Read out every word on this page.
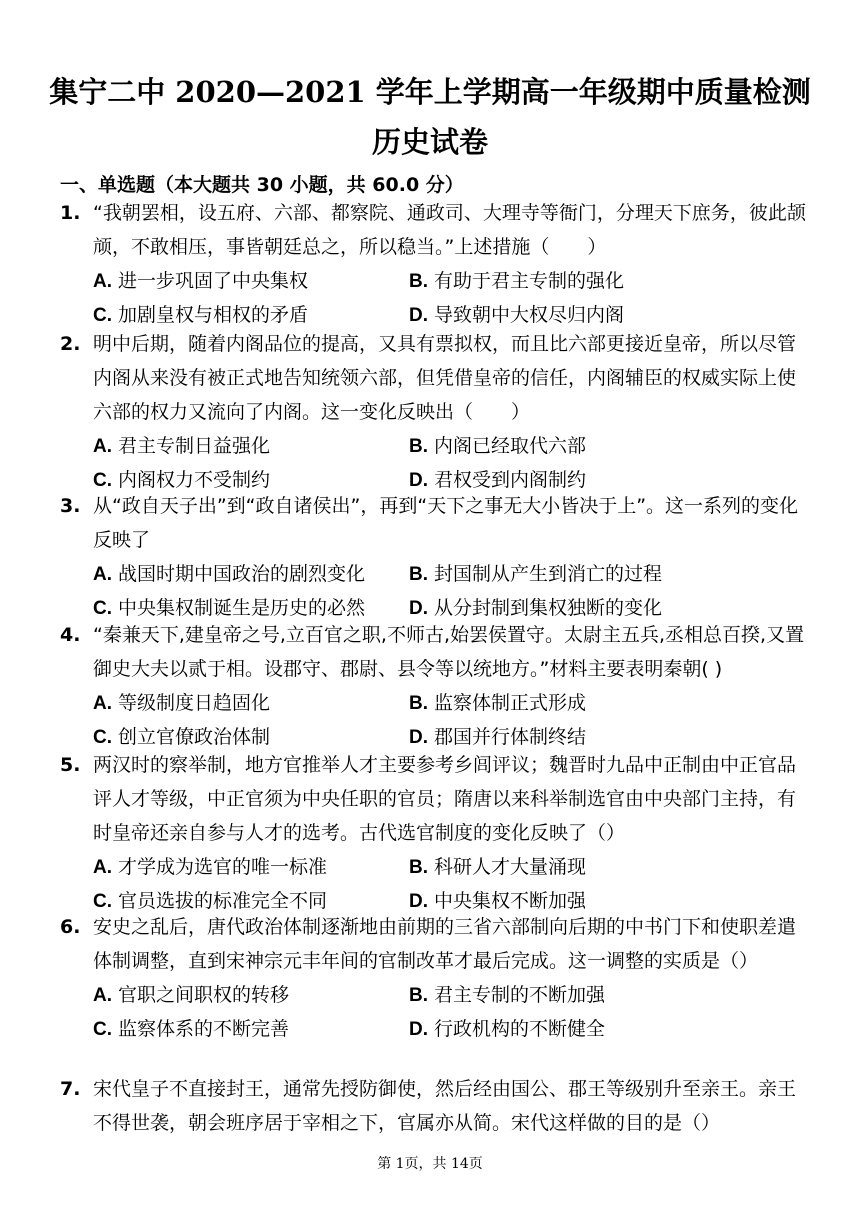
集宁二中 2020—2021 学年上学期高一年级期中质量检测
历史试卷
一、单选题（本大题共 30 小题，共 60.0 分）
1. “我朝罢相，设五府、六部、都察院、通政司、大理寺等衙门，分理天下庶务，彼此颉颃，不敢相压，事皆朝廷总之，所以稳当。”上述措施（　　）
A. 进一步巩固了中央集权	B. 有助于君主专制的强化
C. 加剧皇权与相权的矛盾	D. 导致朝中大权尽归内阁
2. 明中后期，随着内阁品位的提高，又具有票拟权，而且比六部更接近皇帝，所以尽管内阁从来没有被正式地告知统领六部，但凭借皇帝的信任，内阁辅臣的权威实际上使六部的权力又流向了内阁。这一变化反映出（　　）
A. 君主专制日益强化	B. 内阁已经取代六部
C. 内阁权力不受制约	D. 君权受到内阁制约
3. 从“政自天子出”到“政自诸侯出”，再到“天下之事无大小皆决于上”。这一系列的变化反映了
A. 战国时期中国政治的剧烈变化	B. 封国制从产生到消亡的过程
C. 中央集权制诞生是历史的必然	D. 从分封制到集权独断的变化
4. “秦兼天下,建皇帝之号,立百官之职,不师古,始罢侯置守。太尉主五兵,丞相总百揆,又置御史大夫以贰于相。设郡守、郡尉、县令等以统地方。”材料主要表明秦朝( )
A. 等级制度日趋固化	B. 监察体制正式形成
C. 创立官僚政治体制	D. 郡国并行体制终结
5. 两汉时的察举制，地方官推举人才主要参考乡闾评议；魏晋时九品中正制由中正官品评人才等级，中正官须为中央任职的官员；隋唐以来科举制选官由中央部门主持，有时皇帝还亲自参与人才的选考。古代选官制度的变化反映了（）
A. 才学成为选官的唯一标准	B. 科研人才大量涌现
C. 官员选拔的标准完全不同	D. 中央集权不断加强
6. 安史之乱后，唐代政治体制逐渐地由前期的三省六部制向后期的中书门下和使职差遣体制调整，直到宋神宗元丰年间的官制改革才最后完成。这一调整的实质是（）
A. 官职之间职权的转移	B. 君主专制的不断加强
C. 监察体系的不断完善	D. 行政机构的不断健全
7. 宋代皇子不直接封王，通常先授防御使，然后经由国公、郡王等级别升至亲王。亲王不得世袭，朝会班序居于宰相之下，官属亦从简。宋代这样做的目的是（）
第 1页，共 14页
